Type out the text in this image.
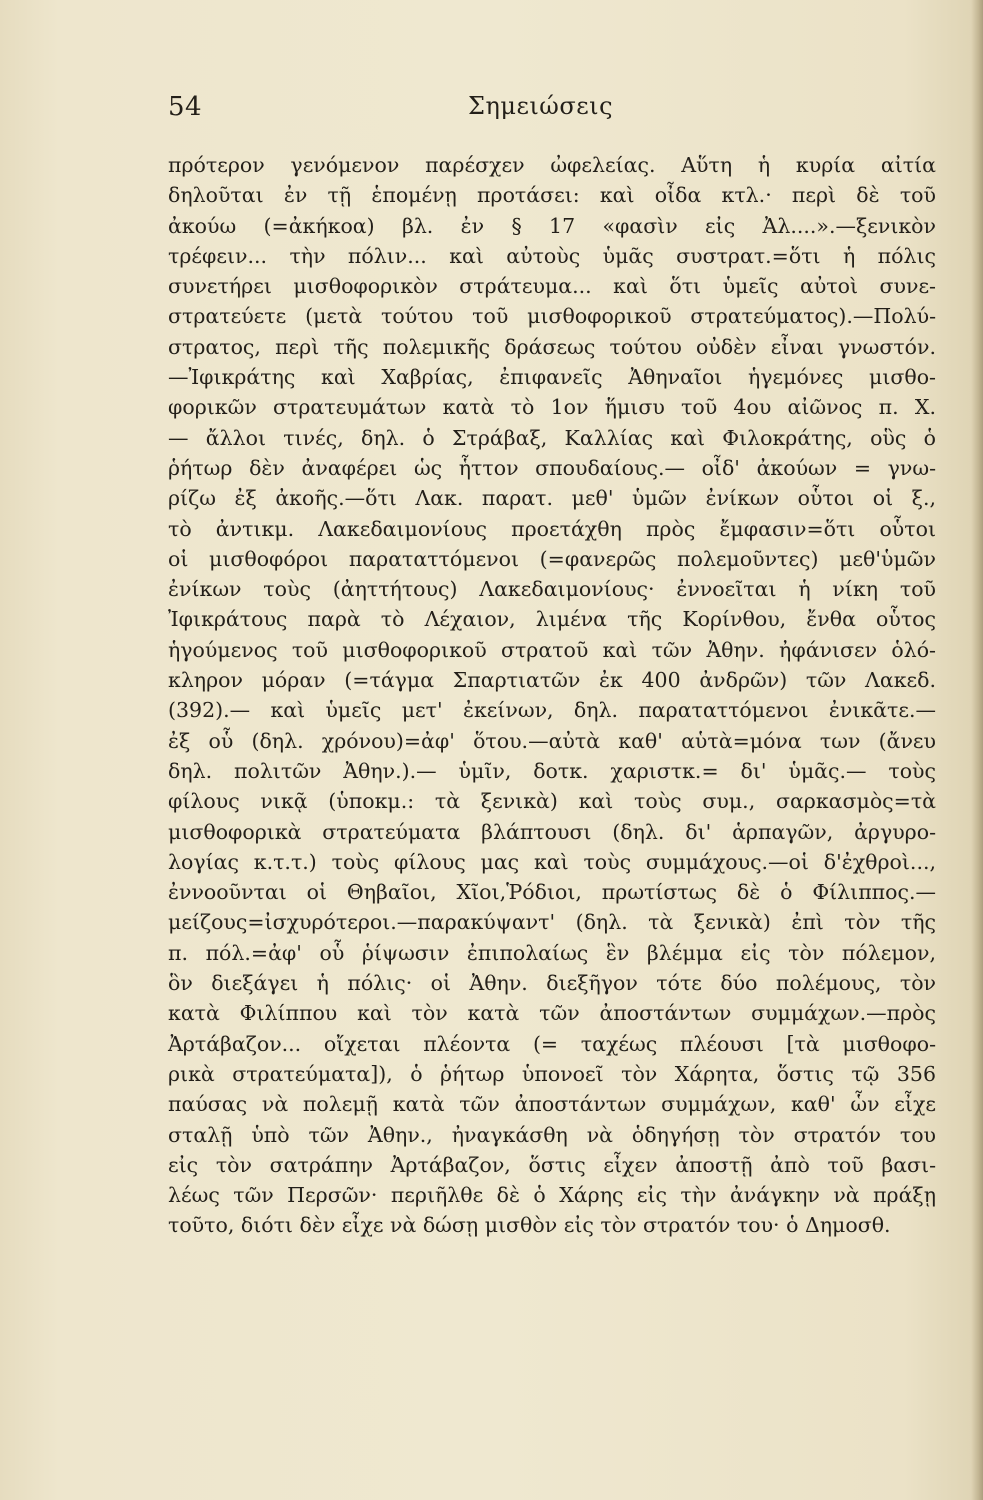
54	Σημειώσεις
πρότερον γενόμενον παρέσχεν ὠφελείας. Αὕτη ἡ κυρία αἰτία
δηλοῦται ἐν τῇ ἑπομένῃ προτάσει: καὶ οἶδα κτλ.· περὶ δὲ τοῦ
ἀκούω (=ἀκήκοα) βλ. ἐν § 17 «φασὶν εἰς Ἀλ....».—ξενικὸν
τρέφειν... τὴν πόλιν... καὶ αὐτοὺς ὑμᾶς συστρατ.=ὅτι ἡ πόλις
συνετήρει μισθοφορικὸν στράτευμα... καὶ ὅτι ὑμεῖς αὐτοὶ συνε-
στρατεύετε (μετὰ τούτου τοῦ μισθοφορικοῦ στρατεύματος).—Πολύ-
στρατος, περὶ τῆς πολεμικῆς δράσεως τούτου οὐδὲν εἶναι γνωστόν.
—Ἰφικράτης καὶ Χαβρίας, ἐπιφανεῖς Ἀθηναῖοι ἡγεμόνες μισθο-
φορικῶν στρατευμάτων κατὰ τὸ 1ον ἥμισυ τοῦ 4ου αἰῶνος π. Χ.
— ἄλλοι τινές, δηλ. ὁ Στράβαξ, Καλλίας καὶ Φιλοκράτης, οὓς ὁ
ῥήτωρ δὲν ἀναφέρει ὡς ἧττον σπουδαίους.— οἶδ' ἀκούων = γνω-
ρίζω ἐξ ἀκοῆς.—ὅτι Λακ. παρατ. μεθ' ὑμῶν ἐνίκων οὗτοι οἱ ξ.,
τὸ ἀντικμ. Λακεδαιμονίους προετάχθη πρὸς ἔμφασιν=ὅτι οὗτοι
οἱ μισθοφόροι παραταττόμενοι (=φανερῶς πολεμοῦντες) μεθ'ὑμῶν
ἐνίκων τοὺς (ἀηττήτους) Λακεδαιμονίους· ἐννοεῖται ἡ νίκη τοῦ
Ἰφικράτους παρὰ τὸ Λέχαιον, λιμένα τῆς Κορίνθου, ἔνθα οὗτος
ἡγούμενος τοῦ μισθοφορικοῦ στρατοῦ καὶ τῶν Ἀθην. ἠφάνισεν ὁλό-
κληρον μόραν (=τάγμα Σπαρτιατῶν ἐκ 400 ἀνδρῶν) τῶν Λακεδ.
(392).— καὶ ὑμεῖς μετ' ἐκείνων, δηλ. παραταττόμενοι ἐνικᾶτε.—
ἐξ οὗ (δηλ. χρόνου)=ἀφ' ὅτου.—αὐτὰ καθ' αὑτὰ=μόνα των (ἄνευ
δηλ. πολιτῶν Ἀθην.).— ὑμῖν, δοτκ. χαριστκ.= δι' ὑμᾶς.— τοὺς
φίλους νικᾷ (ὑποκμ.: τὰ ξενικὰ) καὶ τοὺς συμ., σαρκασμὸς=τὰ
μισθοφορικὰ στρατεύματα βλάπτουσι (δηλ. δι' ἁρπαγῶν, ἀργυρο-
λογίας κ.τ.τ.) τοὺς φίλους μας καὶ τοὺς συμμάχους.—οἱ δ'ἐχθροὶ...,
ἐννοοῦνται οἱ Θηβαῖοι, Χῖοι,Ῥόδιοι, πρωτίστως δὲ ὁ Φίλιππος.—
μείζους=ἰσχυρότεροι.—παρακύψαντ' (δηλ. τὰ ξενικὰ) ἐπὶ τὸν τῆς
π. πόλ.=ἀφ' οὗ ῥίψωσιν ἐπιπολαίως ἓν βλέμμα εἰς τὸν πόλεμον,
ὃν διεξάγει ἡ πόλις· οἱ Ἀθην. διεξῆγον τότε δύο πολέμους, τὸν
κατὰ Φιλίππου καὶ τὸν κατὰ τῶν ἀποστάντων συμμάχων.—πρὸς
Ἀρτάβαζον... οἴχεται πλέοντα (= ταχέως πλέουσι [τὰ μισθοφο-
ρικὰ στρατεύματα]), ὁ ῥήτωρ ὑπονοεῖ τὸν Χάρητα, ὅστις τῷ 356
παύσας νὰ πολεμῇ κατὰ τῶν ἀποστάντων συμμάχων, καθ' ὧν εἶχε
σταλῇ ὑπὸ τῶν Ἀθην., ἠναγκάσθη νὰ ὁδηγήσῃ τὸν στρατόν του
εἰς τὸν σατράπην Ἀρτάβαζον, ὅστις εἶχεν ἀποστῇ ἀπὸ τοῦ βασι-
λέως τῶν Περσῶν· περιῆλθε δὲ ὁ Χάρης εἰς τὴν ἀνάγκην νὰ πράξῃ
τοῦτο, διότι δὲν εἶχε νὰ δώσῃ μισθὸν εἰς τὸν στρατόν του· ὁ Δημοσθ.
